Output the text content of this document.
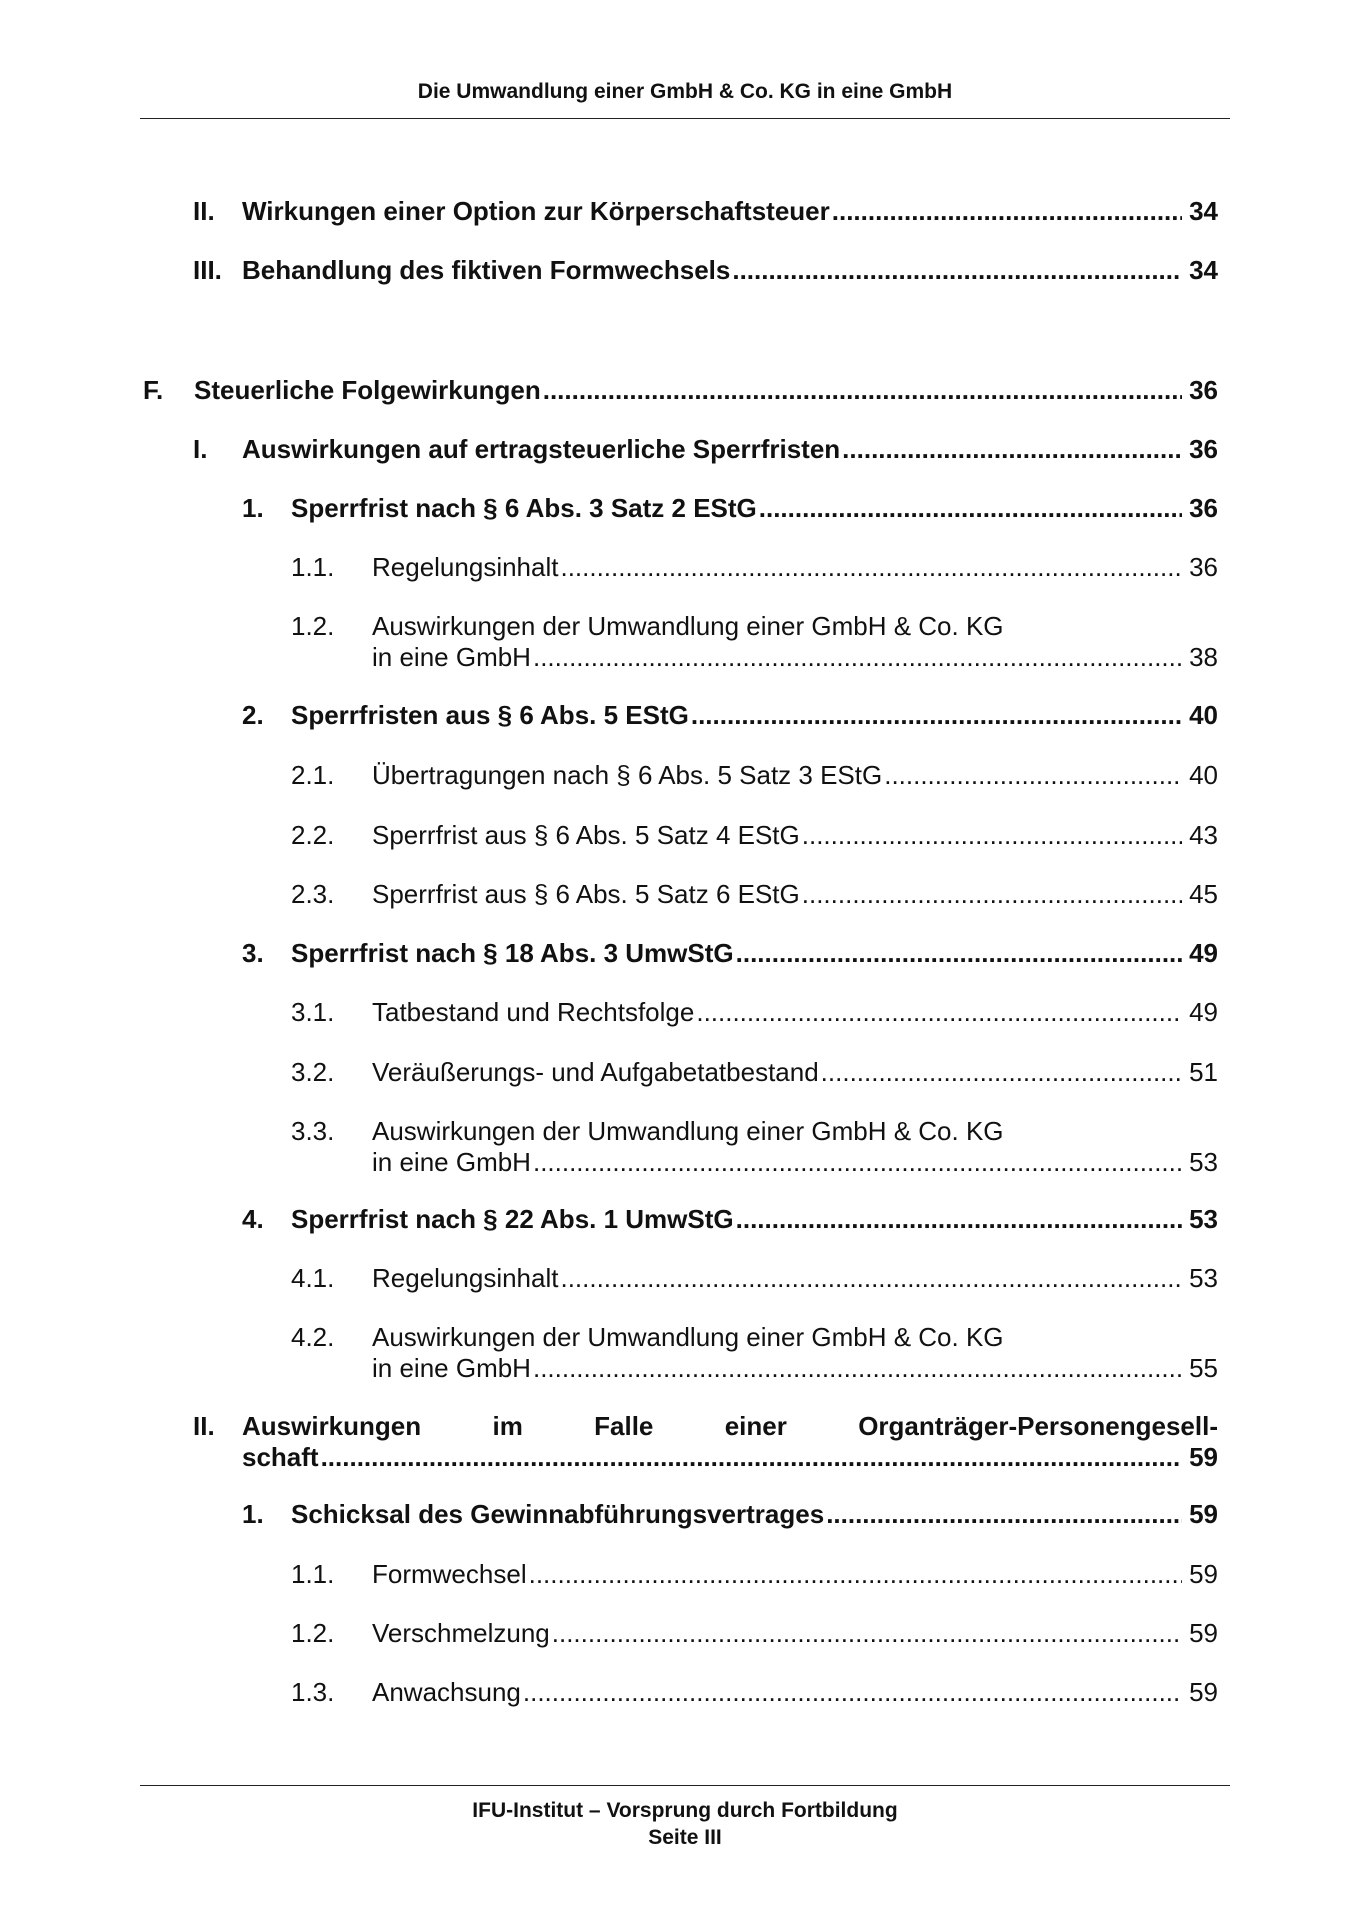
Die Umwandlung einer GmbH & Co. KG in eine GmbH
II.	Wirkungen einer Option zur Körperschaftsteuer .....	34
III. Behandlung des fiktiven Formwechsels .....	34
F.	Steuerliche Folgewirkungen .....	36
I.	Auswirkungen auf ertragsteuerliche Sperrfristen .....	36
1.	Sperrfrist nach § 6 Abs. 3 Satz 2 EStG .....	36
1.1.	Regelungsinhalt .....	36
1.2.	Auswirkungen der Umwandlung einer GmbH & Co. KG
in eine GmbH .....	38
2.	Sperrfristen aus § 6 Abs. 5 EStG .....	40
2.1.	Übertragungen nach § 6 Abs. 5 Satz 3 EStG .....	40
2.2.	Sperrfrist aus § 6 Abs. 5 Satz 4 EStG .....	43
2.3.	Sperrfrist aus § 6 Abs. 5 Satz 6 EStG .....	45
3.	Sperrfrist nach § 18 Abs. 3 UmwStG .....	49
3.1.	Tatbestand und Rechtsfolge .....	49
3.2.	Veräußerungs- und Aufgabetatbestand .....	51
3.3.	Auswirkungen der Umwandlung einer GmbH & Co. KG
in eine GmbH .....	53
4.	Sperrfrist nach § 22 Abs. 1 UmwStG .....	53
4.1.	Regelungsinhalt .....	53
4.2.	Auswirkungen der Umwandlung einer GmbH & Co. KG
in eine GmbH .....	55
II.	Auswirkungen	im	Falle	einer	Organträger-Personengesell-
schaft .....	59
1.	Schicksal des Gewinnabführungsvertrages .....	59
1.1.	Formwechsel .....	59
1.2.	Verschmelzung .....	59
1.3.	Anwachsung .....	59
IFU-Institut – Vorsprung durch Fortbildung
Seite III
